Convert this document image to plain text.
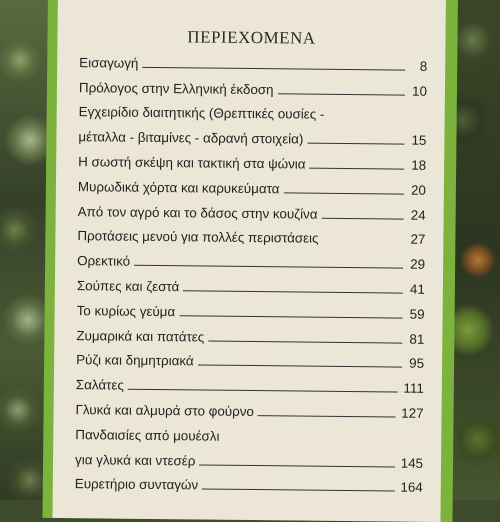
ΠΕΡΙΕΧΟΜΕΝΑ
Εισαγωγή	8
Πρόλογος στην Ελληνική έκδοση	10
Εγχειρίδιο διαιτητικής (Θρεπτικές ουσίες -
μέταλλα - βιταμίνες - αδρανή στοιχεία)	15
Η σωστή σκέψη και τακτική στα ψώνια	18
Μυρωδικά χόρτα και καρυκεύματα	20
Από τον αγρό και το δάσος στην κουζίνα	24
Προτάσεις μενού για πολλές περιστάσεις	27
Ορεκτικό	29
Σούπες και ζεστά	41
Το κυρίως γεύμα	59
Ζυμαρικά και πατάτες	81
Ρύζι και δημητριακά	95
Σαλάτες	111
Γλυκά και αλμυρά στο φούρνο	127
Πανδαισίες από μουέσλι
για γλυκά και ντεσέρ	145
Ευρετήριο συνταγών	164
